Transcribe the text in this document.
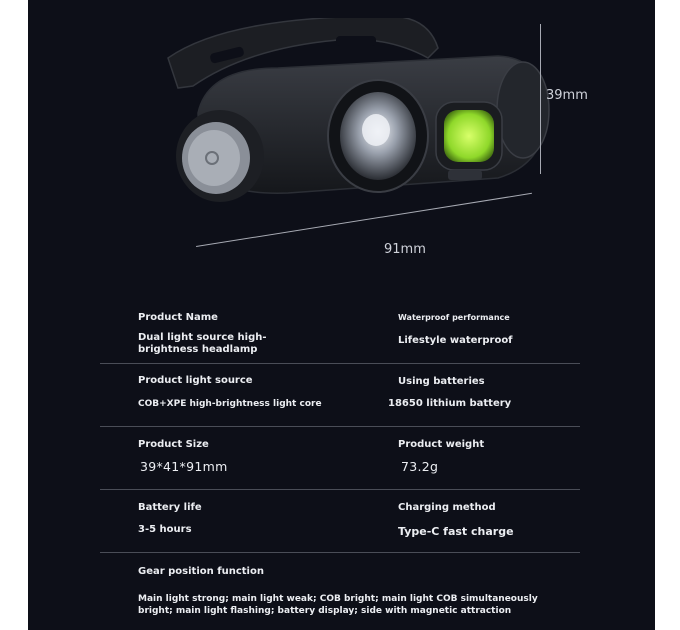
39mm
91mm
Product Name
Dual light source high-brightness headlamp
Waterproof performance
Lifestyle waterproof
Product light source
COB+XPE high-brightness light core
Using batteries
18650 lithium battery
Product Size
39*41*91mm
Product weight
73.2g
Battery life
3-5 hours
Charging method
Type-C fast charge
Gear position function
Main light strong; main light weak; COB bright; main light COB simultaneously bright; main light flashing; battery display; side with magnetic attraction
